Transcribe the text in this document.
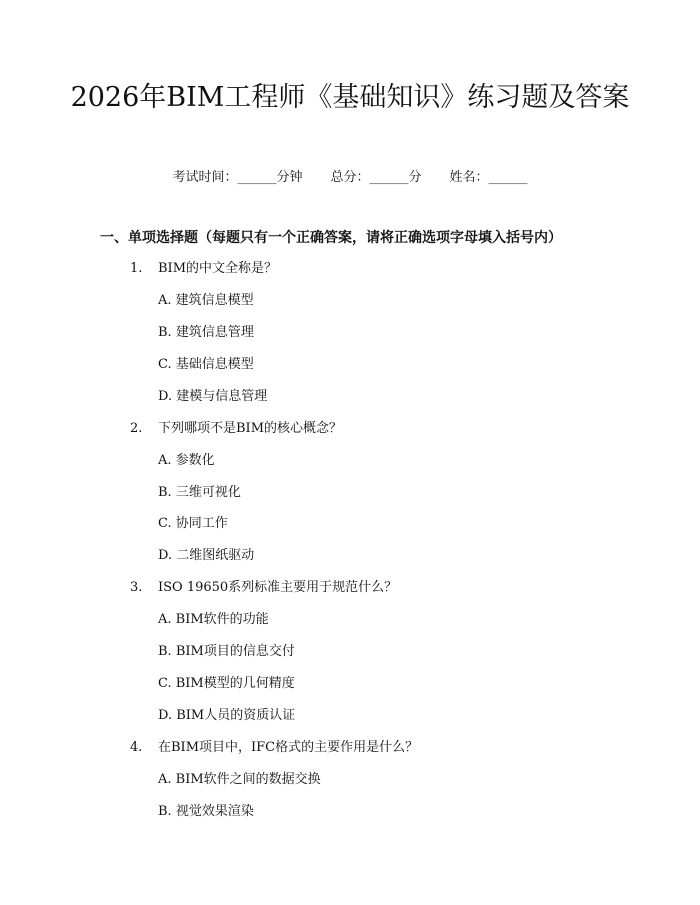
2026年BIM工程师《基础知识》练习题及答案
考试时间：______分钟 总分：______分 姓名：______
一、单项选择题（每题只有一个正确答案，请将正确选项字母填入括号内）
1. BIM的中文全称是？
A. 建筑信息模型
B. 建筑信息管理
C. 基础信息模型
D. 建模与信息管理
2. 下列哪项不是BIM的核心概念？
A. 参数化
B. 三维可视化
C. 协同工作
D. 二维图纸驱动
3. ISO 19650系列标准主要用于规范什么？
A. BIM软件的功能
B. BIM项目的信息交付
C. BIM模型的几何精度
D. BIM人员的资质认证
4. 在BIM项目中，IFC格式的主要作用是什么？
A. BIM软件之间的数据交换
B. 视觉效果渲染
